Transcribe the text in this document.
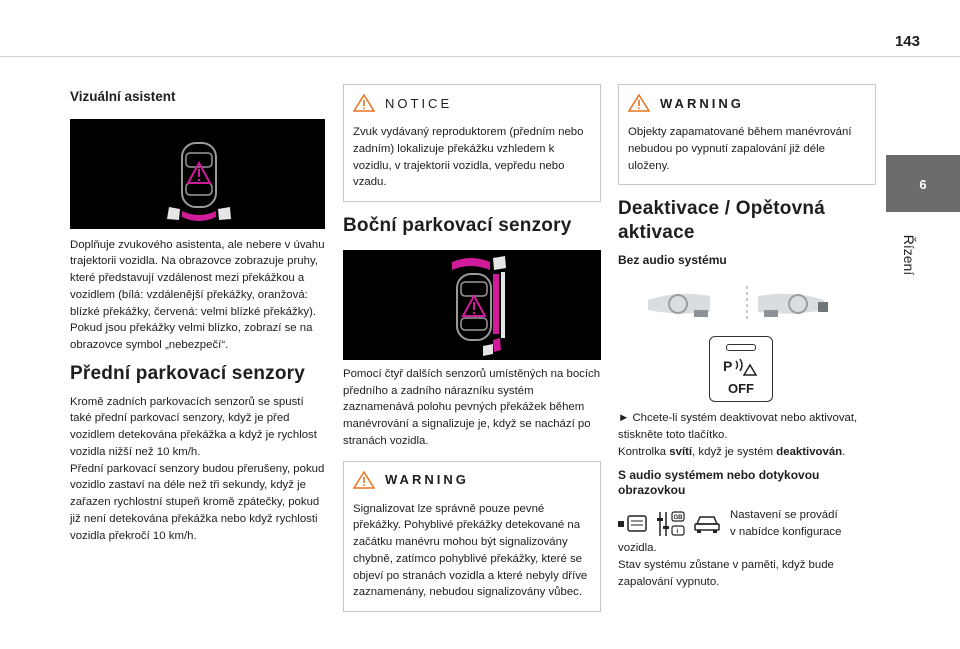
143
6
Řízení
Vizuální asistent

Doplňuje zvukového asistenta, ale nebere v úvahu trajektorii vozidla. Na obrazovce zobrazuje pruhy, které představují vzdálenost mezi překážkou a vozidlem (bílá: vzdálenější překážky, oranžová: blízké překážky, červená: velmi blízké překážky).

Pokud jsou překážky velmi blízko, zobrazí se na obrazovce symbol „nebezpečí“.

Přední parkovací senzory

Kromě zadních parkovacích senzorů se spustí také přední parkovací senzory, když je před vozidlem detekována překážka a když je rychlost vozidla nižší než 10 km/h.

Přední parkovací senzory budou přerušeny, pokud vozidlo zastaví na déle než tři sekundy, když je zařazen rychlostní stupeň kromě zpátečky, pokud již není detekována překážka nebo když rychlosti vozidla překročí 10 km/h.

NOTICE

Zvuk vydávaný reproduktorem (předním nebo zadním) lokalizuje překážku vzhledem k vozidlu, v trajektorii vozidla, vepředu nebo vzadu.

Boční parkovací senzory

Pomocí čtyř dalších senzorů umístěných na bocích předního a zadního nárazníku systém zaznamenává polohu pevných překážek během manévrování a signalizuje je, když se nachází po stranách vozidla.

WARNING

Signalizovat lze správně pouze pevné překážky. Pohyblivé překážky detekované na začátku manévru mohou být signalizovány chybně, zatímco pohyblivé překážky, které se objeví po stranách vozidla a které nebyly dříve zaznamenány, nebudou signalizovány vůbec.

WARNING

Objekty zapamatované během manévrování nebudou po vypnutí zapalování již déle uloženy.

Deaktivace / Opětovná aktivace
Bez audio systému
P
OFF

► Chcete-li systém deaktivovat nebo aktivovat, stiskněte toto tlačítko.

Kontrolka svítí, když je systém deaktivován.

S audio systémem nebo dotykovou obrazovkou
GB
i

Nastavení se provádí

v nabídce konfigurace

vozidla.

Stav systému zůstane v paměti, když bude zapalování vypnuto.
